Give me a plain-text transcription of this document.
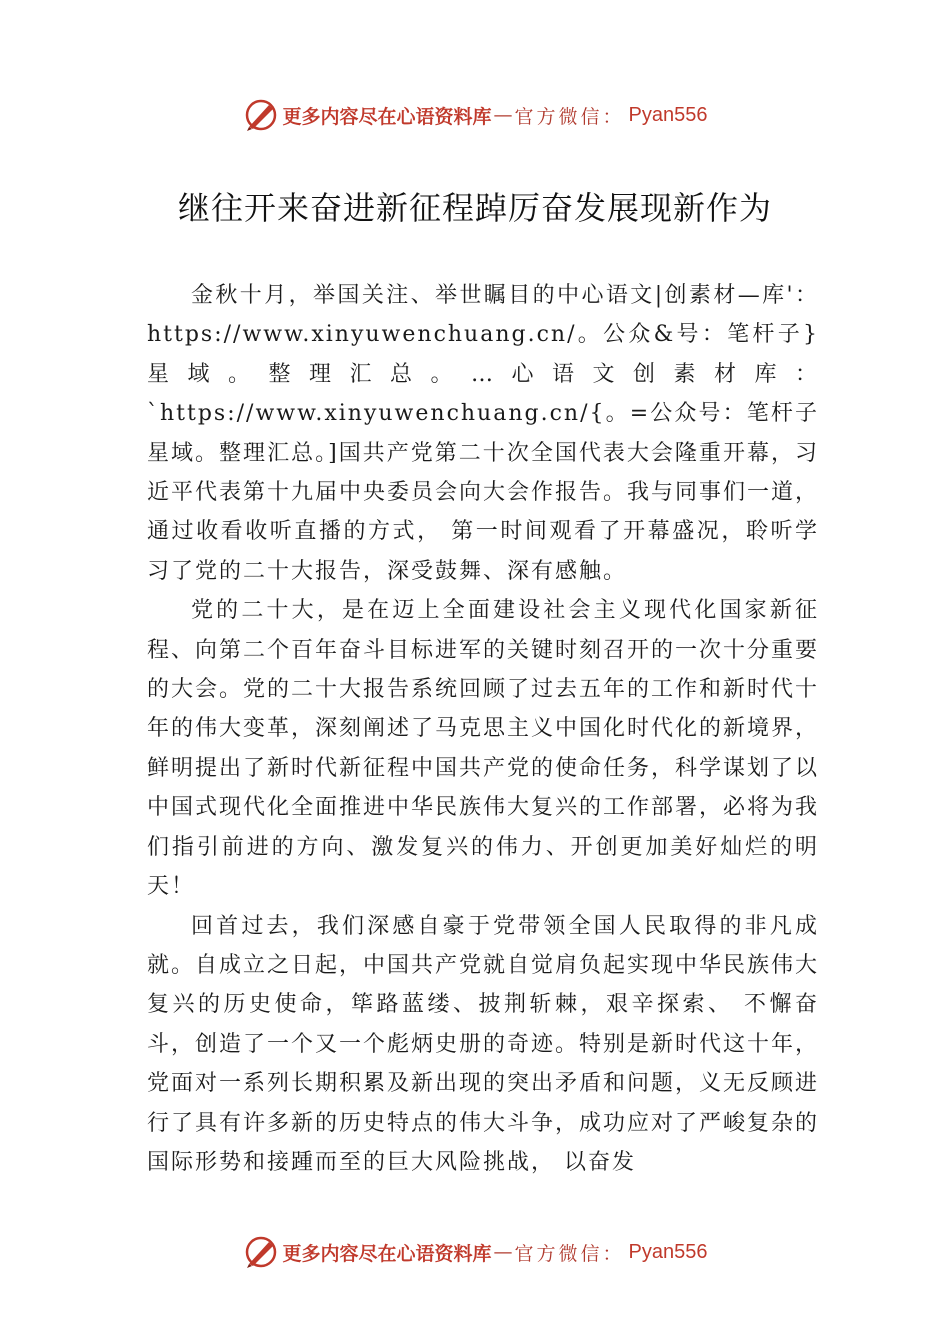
更多内容尽在心语资料库 — 官方微信： Pyan556
继往开来奋进新征程踔厉奋发展现新作为

金秋十月，举国关注、举世瞩目的中心语文|创素材—库'：https://www.xinyuwenchuang.cn/。公众&号：笔杆子}星域。整理汇总。…心语文创素材库：`https://www.xinyuwenchuang.cn/{。=公众号：笔杆子星域。整理汇总。]国共产党第二十次全国代表大会隆重开幕，习近平代表第十九届中央委员会向大会作报告。我与同事们一道，通过收看收听直播的方式， 第一时间观看了开幕盛况，聆听学习了党的二十大报告，深受鼓舞、深有感触。

党的二十大，是在迈上全面建设社会主义现代化国家新征程、向第二个百年奋斗目标进军的关键时刻召开的一次十分重要的大会。党的二十大报告系统回顾了过去五年的工作和新时代十年的伟大变革，深刻阐述了马克思主义中国化时代化的新境界，鲜明提出了新时代新征程中国共产党的使命任务，科学谋划了以中国式现代化全面推进中华民族伟大复兴的工作部署，必将为我们指引前进的方向、激发复兴的伟力、开创更加美好灿烂的明天！

回首过去，我们深感自豪于党带领全国人民取得的非凡成就。自成立之日起，中国共产党就自觉肩负起实现中华民族伟大复兴的历史使命，筚路蓝缕、披荆斩棘，艰辛探索、 不懈奋斗，创造了一个又一个彪炳史册的奇迹。特别是新时代这十年，党面对一系列长期积累及新出现的突出矛盾和问题，义无反顾进行了具有许多新的历史特点的伟大斗争，成功应对了严峻复杂的国际形势和接踵而至的巨大风险挑战， 以奋发

更多内容尽在心语资料库 — 官方微信： Pyan556
